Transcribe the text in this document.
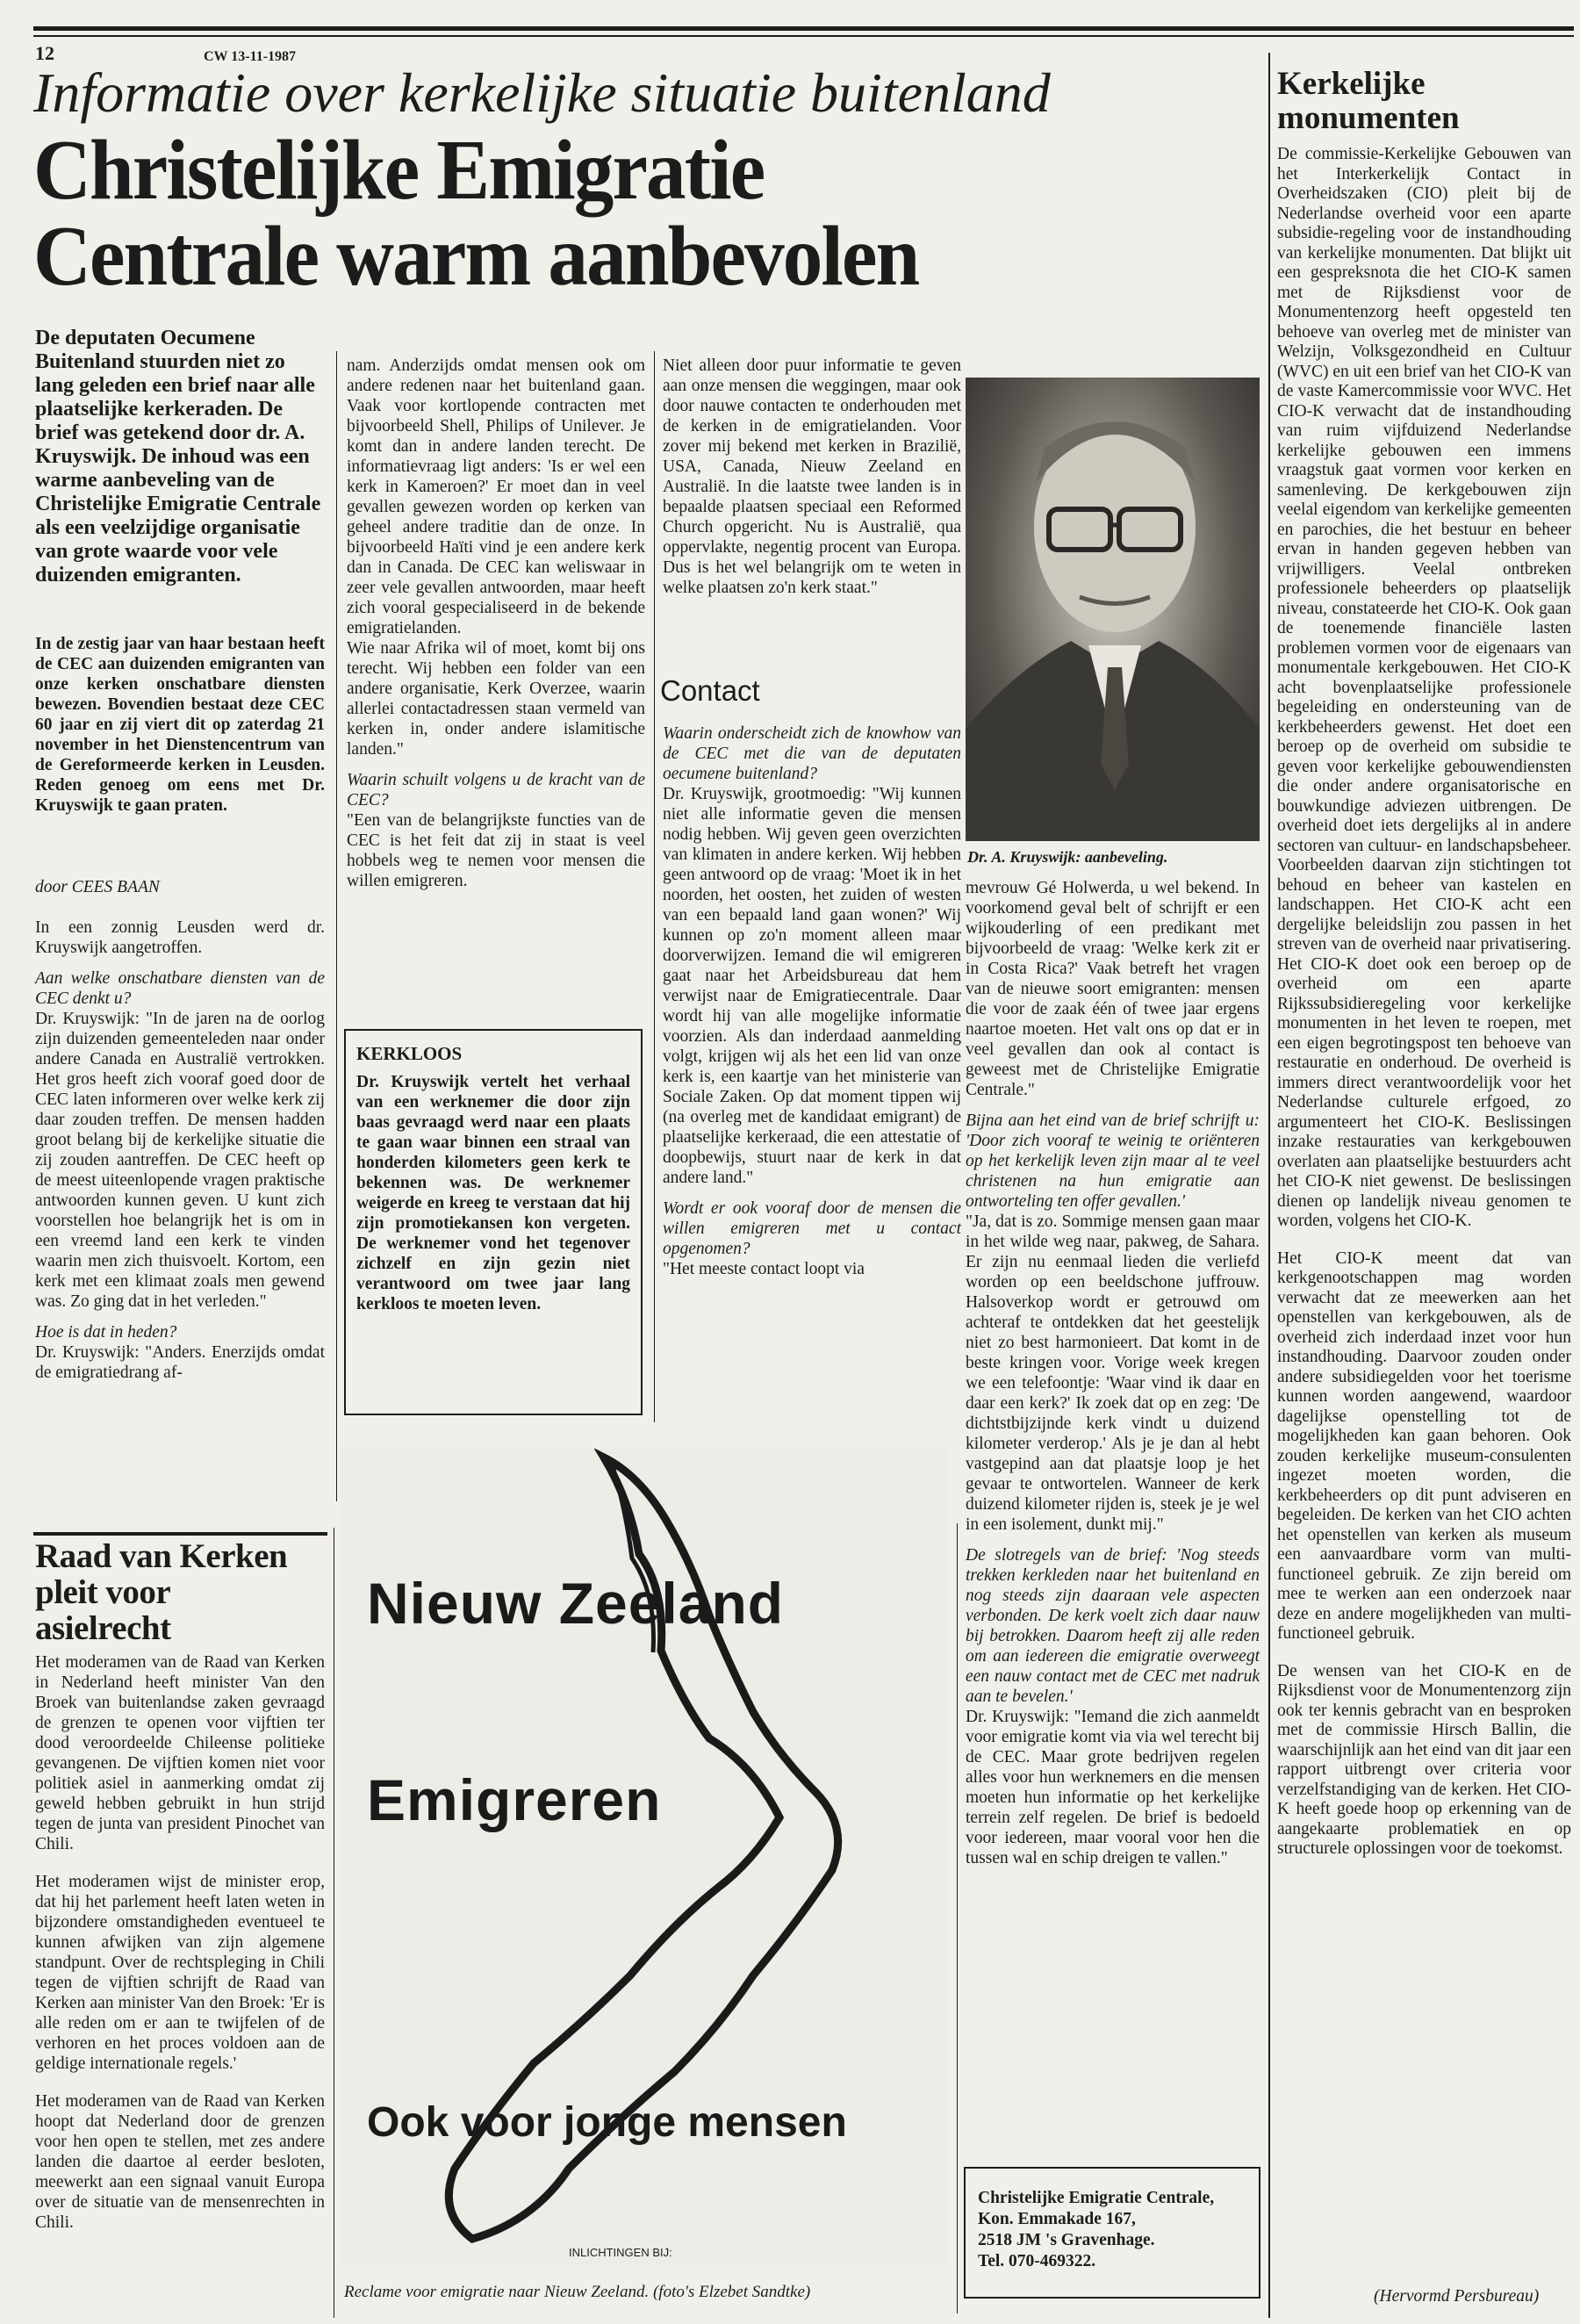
12	CW 13-11-1987
Informatie over kerkelijke situatie buitenland
Christelijke Emigratie
Centrale warm aanbevolen
De deputaten Oecumene Buitenland stuurden niet zo lang geleden een brief naar alle plaatselijke kerkeraden. De brief was getekend door dr. A. Kruyswijk. De inhoud was een warme aanbeveling van de Christelijke Emigratie Centrale als een veelzijdige organisatie van grote waarde voor vele duizenden emigranten.
In de zestig jaar van haar bestaan heeft de CEC aan duizenden emigranten van onze kerken onschatbare diensten bewezen. Bovendien bestaat deze CEC 60 jaar en zij viert dit op zaterdag 21 november in het Dienstencentrum van de Gereformeerde kerken in Leusden. Reden genoeg om eens met Dr. Kruyswijk te gaan praten.
door CEES BAAN

In een zonnig Leusden werd dr. Kruyswijk aangetroffen.

Aan welke onschatbare diensten van de CEC denkt u?

Dr. Kruyswijk: "In de jaren na de oorlog zijn duizenden gemeenteleden naar onder andere Canada en Australië vertrokken. Het gros heeft zich vooraf goed door de CEC laten informeren over welke kerk zij daar zouden treffen. De mensen hadden groot belang bij de kerkelijke situatie die zij zouden aantreffen. De CEC heeft op de meest uiteenlopende vragen praktische antwoorden kunnen geven. U kunt zich voorstellen hoe belangrijk het is om in een vreemd land een kerk te vinden waarin men zich thuisvoelt. Kortom, een kerk met een klimaat zoals men gewend was. Zo ging dat in het verleden."

Hoe is dat in heden?

Dr. Kruyswijk: "Anders. Enerzijds omdat de emigratiedrang af-

nam. Anderzijds omdat mensen ook om andere redenen naar het buitenland gaan. Vaak voor kortlopende contracten met bijvoorbeeld Shell, Philips of Unilever. Je komt dan in andere landen terecht. De informatievraag ligt anders: 'Is er wel een kerk in Kameroen?' Er moet dan in veel gevallen gewezen worden op kerken van geheel andere traditie dan de onze. In bijvoorbeeld Haïti vind je een andere kerk dan in Canada. De CEC kan weliswaar in zeer vele gevallen antwoorden, maar heeft zich vooral gespecialiseerd in de bekende emigratielanden.

Wie naar Afrika wil of moet, komt bij ons terecht. Wij hebben een folder van een andere organisatie, Kerk Overzee, waarin allerlei contactadressen staan vermeld van kerken in, onder andere islamitische landen."

Waarin schuilt volgens u de kracht van de CEC?

"Een van de belangrijkste functies van de CEC is het feit dat zij in staat is veel hobbels weg te nemen voor mensen die willen emigreren.

KERKLOOS
Dr. Kruyswijk vertelt het verhaal van een werknemer die door zijn baas gevraagd werd naar een plaats te gaan waar binnen een straal van honderden kilometers geen kerk te bekennen was. De werknemer weigerde en kreeg te verstaan dat hij zijn promotiekansen kon vergeten. De werknemer vond het tegenover zichzelf en zijn gezin niet verantwoord om twee jaar lang kerkloos te moeten leven.

Niet alleen door puur informatie te geven aan onze mensen die weggingen, maar ook door nauwe contacten te onderhouden met de kerken in de emigratielanden. Voor zover mij bekend met kerken in Brazilië, USA, Canada, Nieuw Zeeland en Australië. In die laatste twee landen is in bepaalde plaatsen speciaal een Reformed Church opgericht. Nu is Australië, qua oppervlakte, negentig procent van Europa. Dus is het wel belangrijk om te weten in welke plaatsen zo'n kerk staat."

Contact

Waarin onderscheidt zich de knowhow van de CEC met die van de deputaten oecumene buitenland?

Dr. Kruyswijk, grootmoedig: "Wij kunnen niet alle informatie geven die mensen nodig hebben. Wij geven geen overzichten van klimaten in andere kerken. Wij hebben geen antwoord op de vraag: 'Moet ik in het noorden, het oosten, het zuiden of westen van een bepaald land gaan wonen?' Wij kunnen op zo'n moment alleen maar doorverwijzen. Iemand die wil emigreren gaat naar het Arbeidsbureau dat hem verwijst naar de Emigratiecentrale. Daar wordt hij van alle mogelijke informatie voorzien. Als dan inderdaad aanmelding volgt, krijgen wij als het een lid van onze kerk is, een kaartje van het ministerie van Sociale Zaken. Op dat moment tippen wij (na overleg met de kandidaat emigrant) de plaatselijke kerkeraad, die een attestatie of doopbewijs, stuurt naar de kerk in dat andere land."

Wordt er ook vooraf door de mensen die willen emigreren met u contact opgenomen?

"Het meeste contact loopt via

Dr. A. Kruyswijk: aanbeveling.

mevrouw Gé Holwerda, u wel bekend. In voorkomend geval belt of schrijft er een wijkouderling of een predikant met bijvoorbeeld de vraag: 'Welke kerk zit er in Costa Rica?' Vaak betreft het vragen van de nieuwe soort emigranten: mensen die voor de zaak één of twee jaar ergens naartoe moeten. Het valt ons op dat er in veel gevallen dan ook al contact is geweest met de Christelijke Emigratie Centrale."

Bijna aan het eind van de brief schrijft u: 'Door zich vooraf te weinig te oriënteren op het kerkelijk leven zijn maar al te veel christenen na hun emigratie aan ontworteling ten offer gevallen.'

"Ja, dat is zo. Sommige mensen gaan maar in het wilde weg naar, pakweg, de Sahara. Er zijn nu eenmaal lieden die verliefd worden op een beeldschone juffrouw. Halsoverkop wordt er getrouwd om achteraf te ontdekken dat het geestelijk niet zo best harmonieert. Dat komt in de beste kringen voor. Vorige week kregen we een telefoontje: 'Waar vind ik daar en daar een kerk?' Ik zoek dat op en zeg: 'De dichtstbijzijnde kerk vindt u duizend kilometer verderop.' Als je je dan al hebt vastgepind aan dat plaatsje loop je het gevaar te ontwortelen. Wanneer de kerk duizend kilometer rijden is, steek je je wel in een isolement, dunkt mij."

De slotregels van de brief: 'Nog steeds trekken kerkleden naar het buitenland en nog steeds zijn daaraan vele aspecten verbonden. De kerk voelt zich daar nauw bij betrokken. Daarom heeft zij alle reden om aan iedereen die emigratie overweegt een nauw contact met de CEC met nadruk aan te bevelen.'

Dr. Kruyswijk: "Iemand die zich aanmeldt voor emigratie komt via via wel terecht bij de CEC. Maar grote bedrijven regelen alles voor hun werknemers en die mensen moeten hun informatie op het kerkelijke terrein zelf regelen. De brief is bedoeld voor iedereen, maar vooral voor hen die tussen wal en schip dreigen te vallen."

Christelijke Emigratie Centrale,
Kon. Emmakade 167,
2518 JM 's Gravenhage.
Tel. 070-469322.
Raad van Kerken
pleit voor
asielrecht

Het moderamen van de Raad van Kerken in Nederland heeft minister Van den Broek van buitenlandse zaken gevraagd de grenzen te openen voor vijftien ter dood veroordeelde Chileense politieke gevangenen. De vijftien komen niet voor politiek asiel in aanmerking omdat zij geweld hebben gebruikt in hun strijd tegen de junta van president Pinochet van Chili.

Het moderamen wijst de minister erop, dat hij het parlement heeft laten weten in bijzondere omstandigheden eventueel te kunnen afwijken van zijn algemene standpunt. Over de rechtspleging in Chili tegen de vijftien schrijft de Raad van Kerken aan minister Van den Broek: 'Er is alle reden om er aan te twijfelen of de verhoren en het proces voldoen aan de geldige internationale regels.'

Het moderamen van de Raad van Kerken hoopt dat Nederland door de grenzen voor hen open te stellen, met zes andere landen die daartoe al eerder besloten, meewerkt aan een signaal vanuit Europa over de situatie van de mensenrechten in Chili.

Nieuw Zeeland
Emigreren
Ook voor jonge mensen
INLICHTINGEN BIJ:
Reclame voor emigratie naar Nieuw Zeeland. (foto's Elzebet Sandtke)
Kerkelijke
monumenten

De commissie-Kerkelijke Gebouwen van het Interkerkelijk Contact in Overheidszaken (CIO) pleit bij de Nederlandse overheid voor een aparte subsidie-regeling voor de instandhouding van kerkelijke monumenten. Dat blijkt uit een gespreksnota die het CIO-K samen met de Rijksdienst voor de Monumentenzorg heeft opgesteld ten behoeve van overleg met de minister van Welzijn, Volksgezondheid en Cultuur (WVC) en uit een brief van het CIO-K van de vaste Kamercommissie voor WVC. Het CIO-K verwacht dat de instandhouding van ruim vijfduizend Nederlandse kerkelijke gebouwen een immens vraagstuk gaat vormen voor kerken en samenleving. De kerkgebouwen zijn veelal eigendom van kerkelijke gemeenten en parochies, die het bestuur en beheer ervan in handen gegeven hebben van vrijwilligers. Veelal ontbreken professionele beheerders op plaatselijk niveau, constateerde het CIO-K. Ook gaan de toenemende financiële lasten problemen vormen voor de eigenaars van monumentale kerkgebouwen. Het CIO-K acht bovenplaatselijke professionele begeleiding en ondersteuning van de kerkbeheerders gewenst. Het doet een beroep op de overheid om subsidie te geven voor kerkelijke gebouwendiensten die onder andere organisatorische en bouwkundige adviezen uitbrengen. De overheid doet iets dergelijks al in andere sectoren van cultuur- en landschapsbeheer. Voorbeelden daarvan zijn stichtingen tot behoud en beheer van kastelen en landschappen. Het CIO-K acht een dergelijke beleidslijn zou passen in het streven van de overheid naar privatisering. Het CIO-K doet ook een beroep op de overheid om een aparte Rijkssubsidieregeling voor kerkelijke monumenten in het leven te roepen, met een eigen begrotingspost ten behoeve van restauratie en onderhoud. De overheid is immers direct verantwoordelijk voor het Nederlandse culturele erfgoed, zo argumenteert het CIO-K. Beslissingen inzake restauraties van kerkgebouwen overlaten aan plaatselijke bestuurders acht het CIO-K niet gewenst. De beslissingen dienen op landelijk niveau genomen te worden, volgens het CIO-K.

Het CIO-K meent dat van kerkgenootschappen mag worden verwacht dat ze meewerken aan het openstellen van kerkgebouwen, als de overheid zich inderdaad inzet voor hun instandhouding. Daarvoor zouden onder andere subsidiegelden voor het toerisme kunnen worden aangewend, waardoor dagelijkse openstelling tot de mogelijkheden kan gaan behoren. Ook zouden kerkelijke museum-consulenten ingezet moeten worden, die kerkbeheerders op dit punt adviseren en begeleiden. De kerken van het CIO achten het openstellen van kerken als museum een aanvaardbare vorm van multi-functioneel gebruik. Ze zijn bereid om mee te werken aan een onderzoek naar deze en andere mogelijkheden van multi-functioneel gebruik.

De wensen van het CIO-K en de Rijksdienst voor de Monumentenzorg zijn ook ter kennis gebracht van en besproken met de commissie Hirsch Ballin, die waarschijnlijk aan het eind van dit jaar een rapport uitbrengt over criteria voor verzelfstandiging van de kerken. Het CIO-K heeft goede hoop op erkenning van de aangekaarte problematiek en op structurele oplossingen voor de toekomst.

(Hervormd Persbureau)
